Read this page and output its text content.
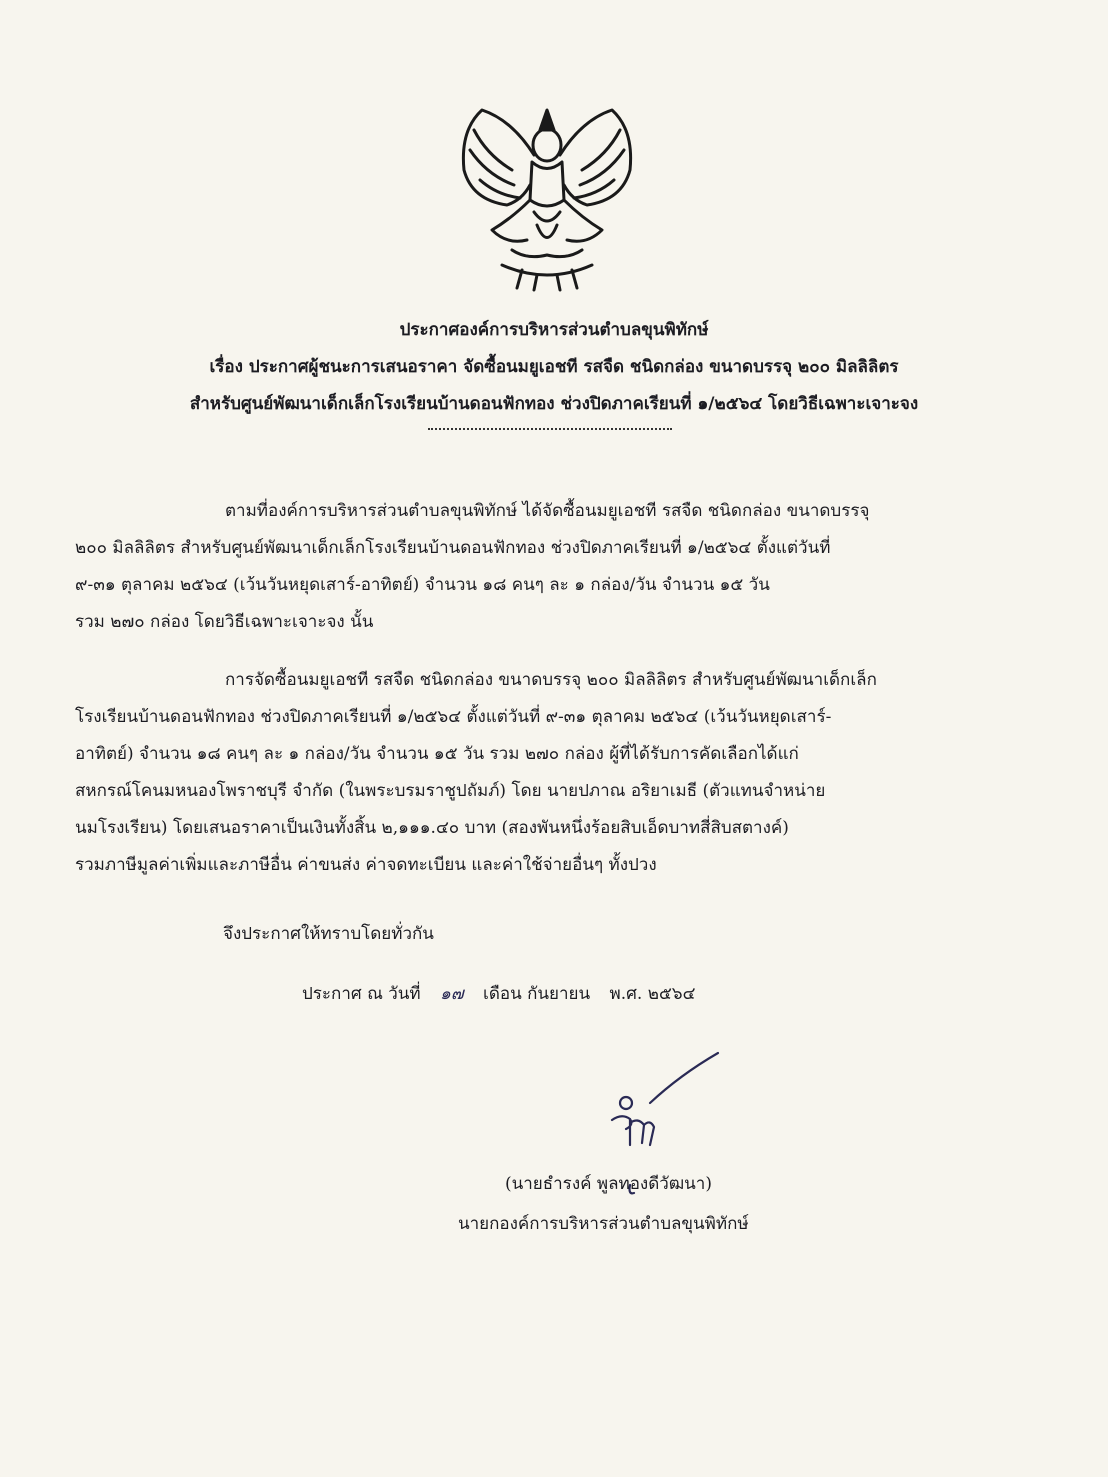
ประกาศองค์การบริหารส่วนตำบลขุนพิทักษ์
เรื่อง ประกาศผู้ชนะการเสนอราคา จัดซื้อนมยูเอชที รสจืด ชนิดกล่อง ขนาดบรรจุ ๒๐๐ มิลลิลิตร
สำหรับศูนย์พัฒนาเด็กเล็กโรงเรียนบ้านดอนฟักทอง ช่วงปิดภาคเรียนที่ ๑/๒๕๖๔ โดยวิธีเฉพาะเจาะจง
ตามที่องค์การบริหารส่วนตำบลขุนพิทักษ์ ได้จัดซื้อนมยูเอชที รสจืด ชนิดกล่อง ขนาดบรรจุ
๒๐๐ มิลลิลิตร สำหรับศูนย์พัฒนาเด็กเล็กโรงเรียนบ้านดอนฟักทอง ช่วงปิดภาคเรียนที่ ๑/๒๕๖๔ ตั้งแต่วันที่
๙-๓๑ ตุลาคม ๒๕๖๔ (เว้นวันหยุดเสาร์-อาทิตย์) จำนวน ๑๘ คนๆ ละ ๑ กล่อง/วัน จำนวน ๑๕ วัน
รวม ๒๗๐ กล่อง โดยวิธีเฉพาะเจาะจง นั้น
การจัดซื้อนมยูเอชที รสจืด ชนิดกล่อง ขนาดบรรจุ ๒๐๐ มิลลิลิตร สำหรับศูนย์พัฒนาเด็กเล็ก
โรงเรียนบ้านดอนฟักทอง ช่วงปิดภาคเรียนที่ ๑/๒๕๖๔ ตั้งแต่วันที่ ๙-๓๑ ตุลาคม ๒๕๖๔ (เว้นวันหยุดเสาร์-
อาทิตย์) จำนวน ๑๘ คนๆ ละ ๑ กล่อง/วัน จำนวน ๑๕ วัน รวม ๒๗๐ กล่อง ผู้ที่ได้รับการคัดเลือกได้แก่
สหกรณ์โคนมหนองโพราชบุรี จำกัด (ในพระบรมราชูปถัมภ์) โดย นายปภาณ อริยาเมธี (ตัวแทนจำหน่าย
นมโรงเรียน) โดยเสนอราคาเป็นเงินทั้งสิ้น ๒,๑๑๑.๔๐ บาท (สองพันหนึ่งร้อยสิบเอ็ดบาทสี่สิบสตางค์)
รวมภาษีมูลค่าเพิ่มและภาษีอื่น ค่าขนส่ง ค่าจดทะเบียน และค่าใช้จ่ายอื่นๆ ทั้งปวง
จึงประกาศให้ทราบโดยทั่วกัน
ประกาศ ณ วันที่ ๑๗ เดือน กันยายน พ.ศ. ๒๕๖๔
(นายธำรงค์ พูลทองดีวัฒนา)
นายกองค์การบริหารส่วนตำบลขุนพิทักษ์
